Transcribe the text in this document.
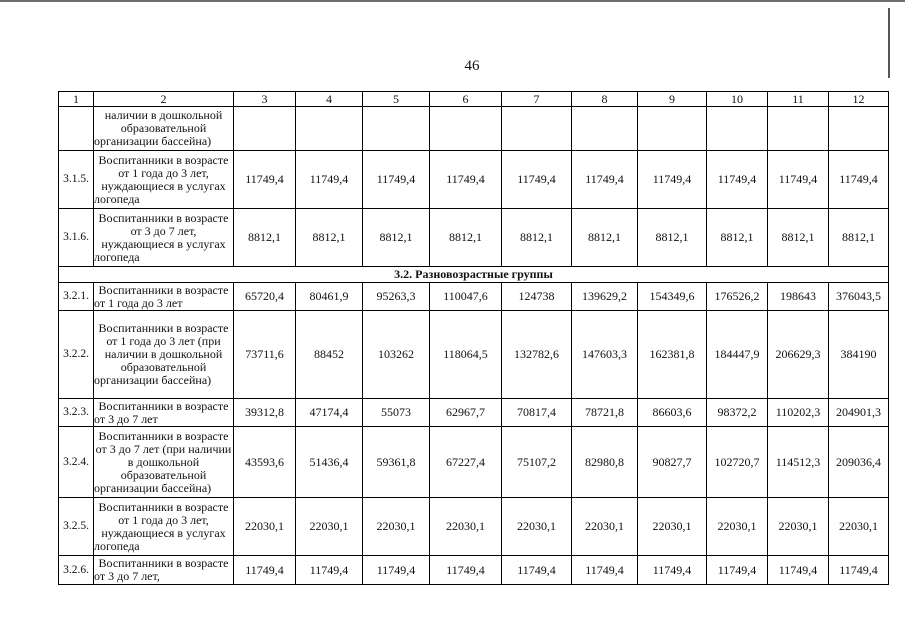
46
1	2	3	4	5	6	7	8	9	10	11	12
	наличии в дошкольной образовательной организации бассейна)										
3.1.5.	Воспитанники в возрасте от 1 года до 3 лет, нуждающиеся в услугах логопеда	11749,4	11749,4	11749,4	11749,4	11749,4	11749,4	11749,4	11749,4	11749,4	11749,4
3.1.6.	Воспитанники в возрасте от 3 до 7 лет, нуждающиеся в услугах логопеда	8812,1	8812,1	8812,1	8812,1	8812,1	8812,1	8812,1	8812,1	8812,1	8812,1
3.2. Разновозрастные группы											
3.2.1.	Воспитанники в возрасте от 1 года до 3 лет	65720,4	80461,9	95263,3	110047,6	124738	139629,2	154349,6	176526,2	198643	376043,5
3.2.2.	Воспитанники в возрасте от 1 года до 3 лет (при наличии в дошкольной образовательной организации бассейна)	73711,6	88452	103262	118064,5	132782,6	147603,3	162381,8	184447,9	206629,3	384190
3.2.3.	Воспитанники в возрасте от 3 до 7 лет	39312,8	47174,4	55073	62967,7	70817,4	78721,8	86603,6	98372,2	110202,3	204901,3
3.2.4.	Воспитанники в возрасте от 3 до 7 лет (при наличии в дошкольной образовательной организации бассейна)	43593,6	51436,4	59361,8	67227,4	75107,2	82980,8	90827,7	102720,7	114512,3	209036,4
3.2.5.	Воспитанники в возрасте от 1 года до 3 лет, нуждающиеся в услугах логопеда	22030,1	22030,1	22030,1	22030,1	22030,1	22030,1	22030,1	22030,1	22030,1	22030,1
3.2.6.	Воспитанники в возрасте от 3 до 7 лет,	11749,4	11749,4	11749,4	11749,4	11749,4	11749,4	11749,4	11749,4	11749,4	11749,4
